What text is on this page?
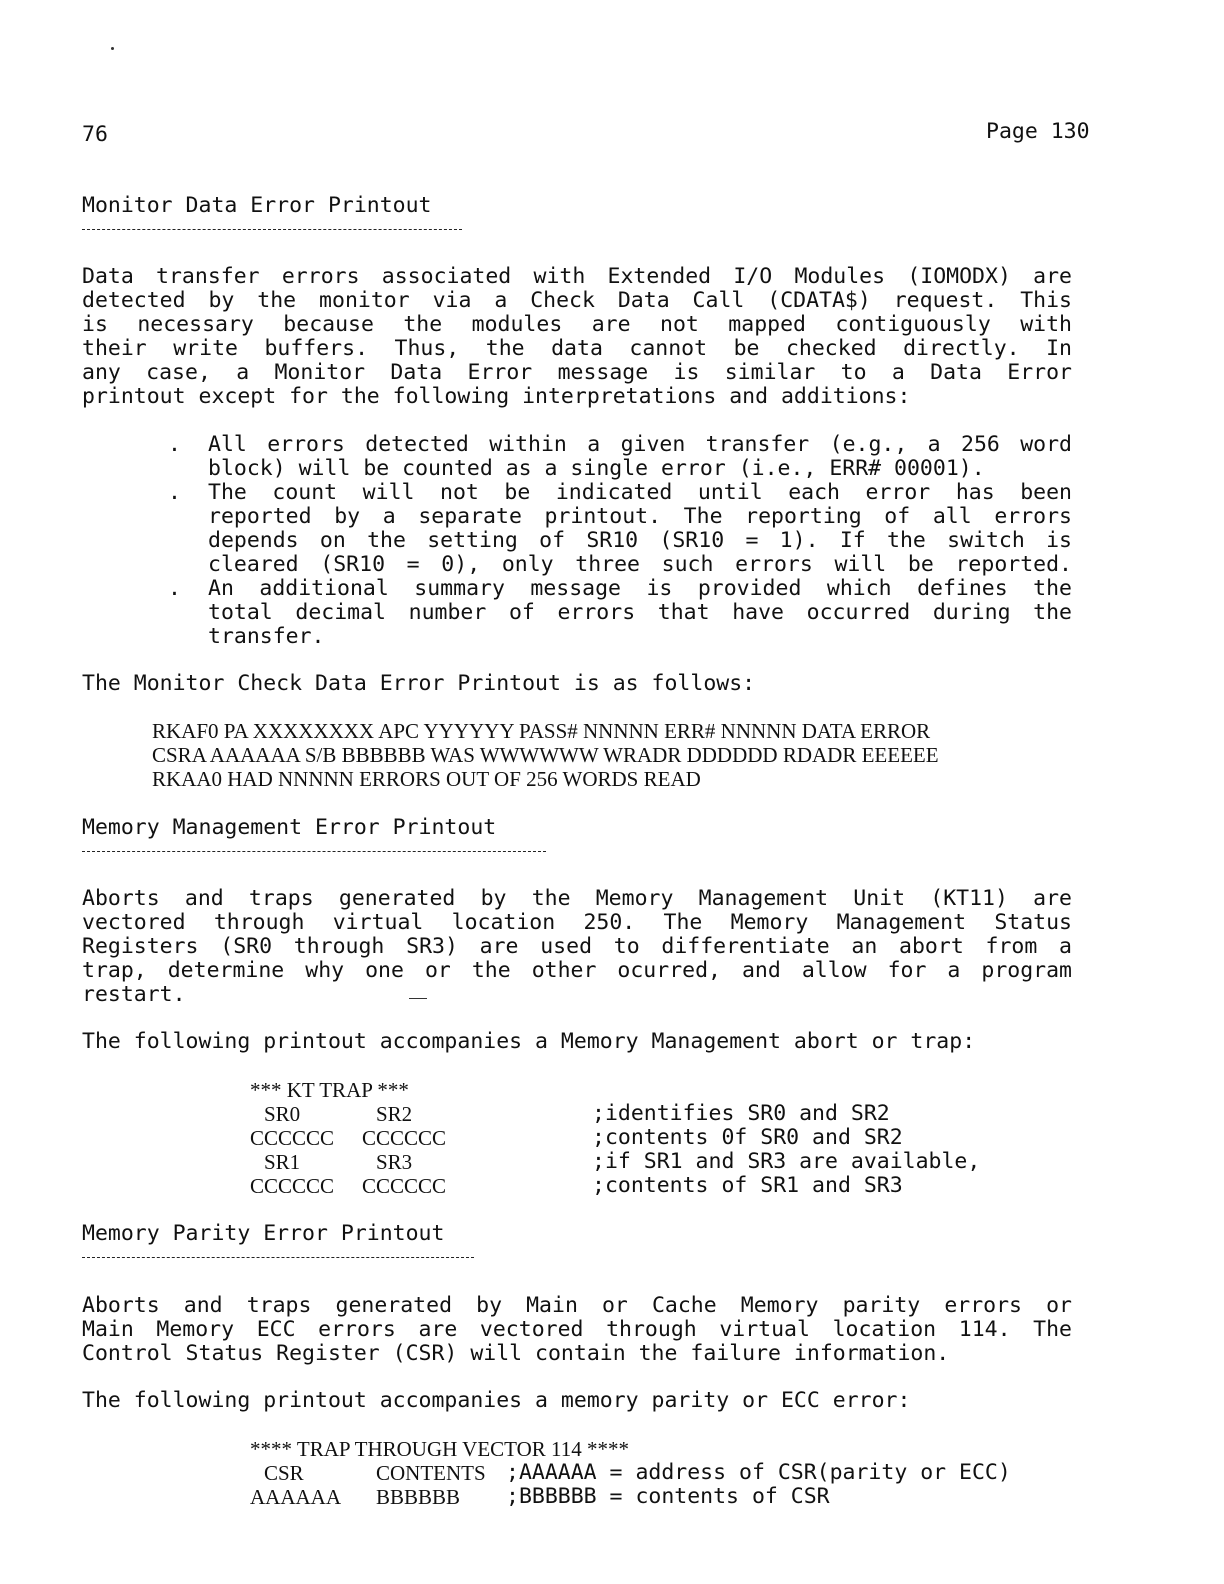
76	Page 130
Monitor Data Error Printout
Data transfer errors associated with Extended I/O Modules (IOMODX) are
detected by the monitor via a Check Data Call (CDATA$) request. This
is necessary because the modules are not mapped contiguously with
their write buffers. Thus, the data cannot be checked directly. In
any case, a Monitor Data Error message is similar to a Data Error
printout except for the following interpretations and additions:
. All errors detected within a given transfer (e.g., a 256 word
block) will be counted as a single error (i.e., ERR# 00001).
. The count will not be indicated until each error has been
reported by a separate printout. The reporting of all errors
depends on the setting of SR10 (SR10 = 1). If the switch is
cleared (SR10 = 0), only three such errors will be reported.
. An additional summary message is provided which defines the
total decimal number of errors that have occurred during the
transfer.
The Monitor Check Data Error Printout is as follows:
RKAF0 PA XXXXXXXX APC YYYYYY PASS# NNNNN ERR# NNNNN DATA ERROR
CSRA AAAAAA S/B BBBBBB WAS WWWWWW WRADR DDDDDD RDADR EEEEEE
RKAA0 HAD NNNNN ERRORS OUT OF 256 WORDS READ
Memory Management Error Printout
Aborts and traps generated by the Memory Management Unit (KT11) are
vectored through virtual location 250. The Memory Management Status
Registers (SR0 through SR3) are used to differentiate an abort from a
trap, determine why one or the other ocurred, and allow for a program
restart.
The following printout accompanies a Memory Management abort or trap:
*** KT TRAP ***
SR0	SR2	;identifies SR0 and SR2
CCCCCC CCCCCC	;contents 0f SR0 and SR2
SR1	SR3	;if SR1 and SR3 are available,
CCCCCC CCCCCC	;contents of SR1 and SR3
Memory Parity Error Printout
Aborts and traps generated by Main or Cache Memory parity errors or
Main Memory ECC errors are vectored through virtual location 114. The
Control Status Register (CSR) will contain the failure information.
The following printout accompanies a memory parity or ECC error:
**** TRAP THROUGH VECTOR 114 ****
CSR	CONTENTS ;AAAAAA = address of CSR(parity or ECC)
AAAAAA BBBBBB ;BBBBBB = contents of CSR
